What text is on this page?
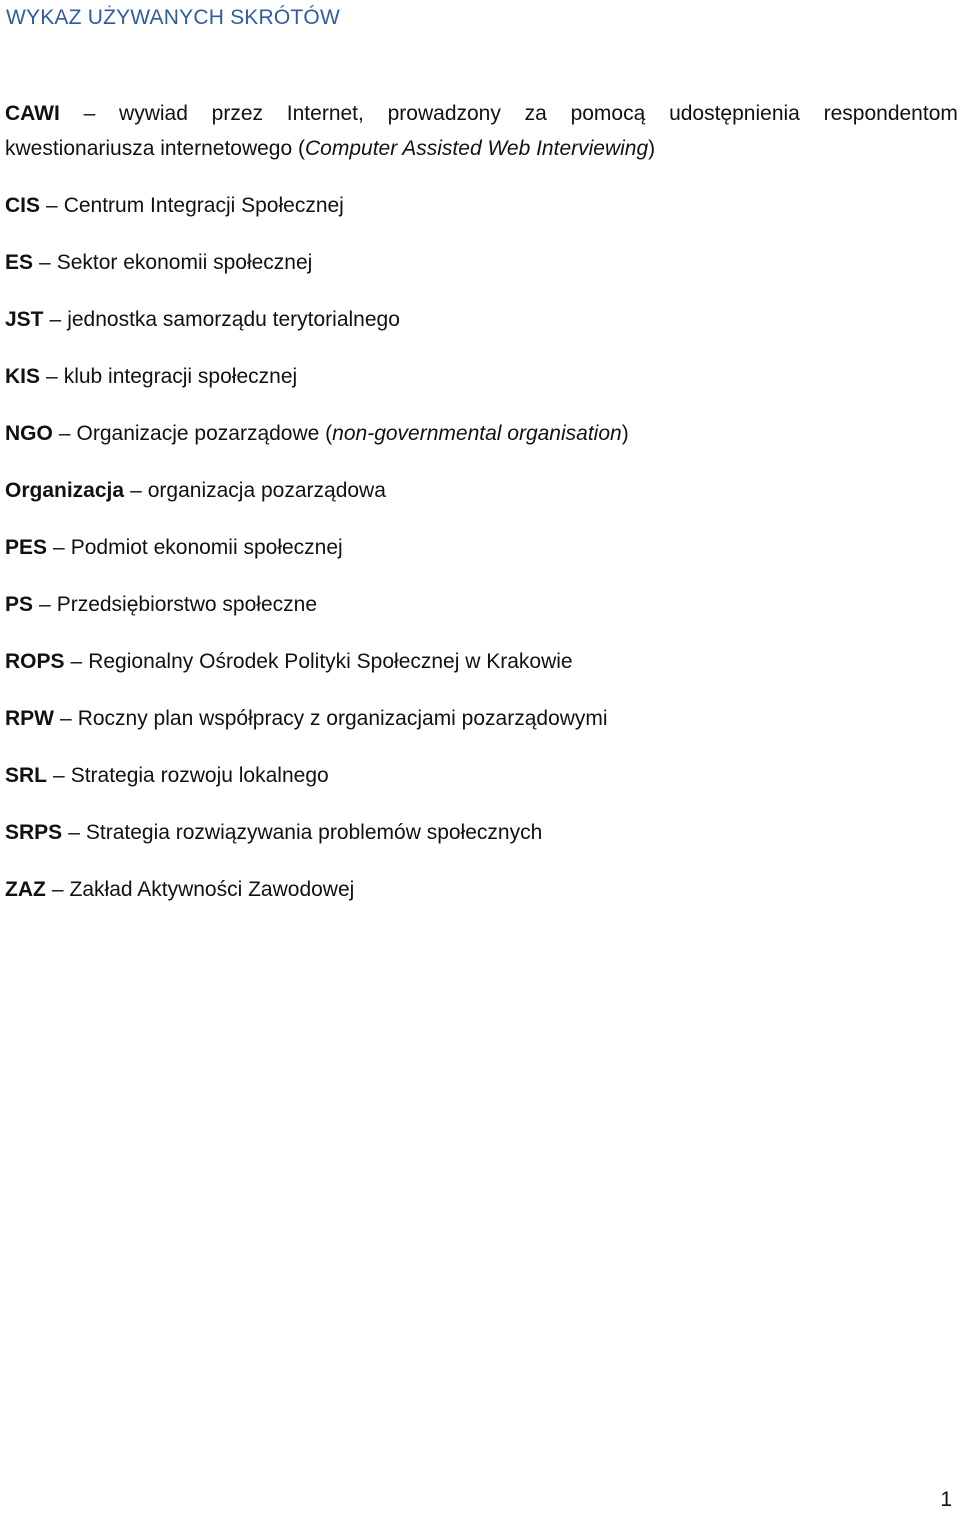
WYKAZ UŻYWANYCH SKRÓTÓW
CAWI – wywiad przez Internet, prowadzony za pomocą udostępnienia respondentom
kwestionariusza internetowego (Computer Assisted Web Interviewing)
CIS – Centrum Integracji Społecznej
ES – Sektor ekonomii społecznej
JST – jednostka samorządu terytorialnego
KIS – klub integracji społecznej
NGO – Organizacje pozarządowe (non-governmental organisation)
Organizacja – organizacja pozarządowa
PES – Podmiot ekonomii społecznej
PS – Przedsiębiorstwo społeczne
ROPS – Regionalny Ośrodek Polityki Społecznej w Krakowie
RPW – Roczny plan współpracy z organizacjami pozarządowymi
SRL – Strategia rozwoju lokalnego
SRPS – Strategia rozwiązywania problemów społecznych
ZAZ – Zakład Aktywności Zawodowej
1
